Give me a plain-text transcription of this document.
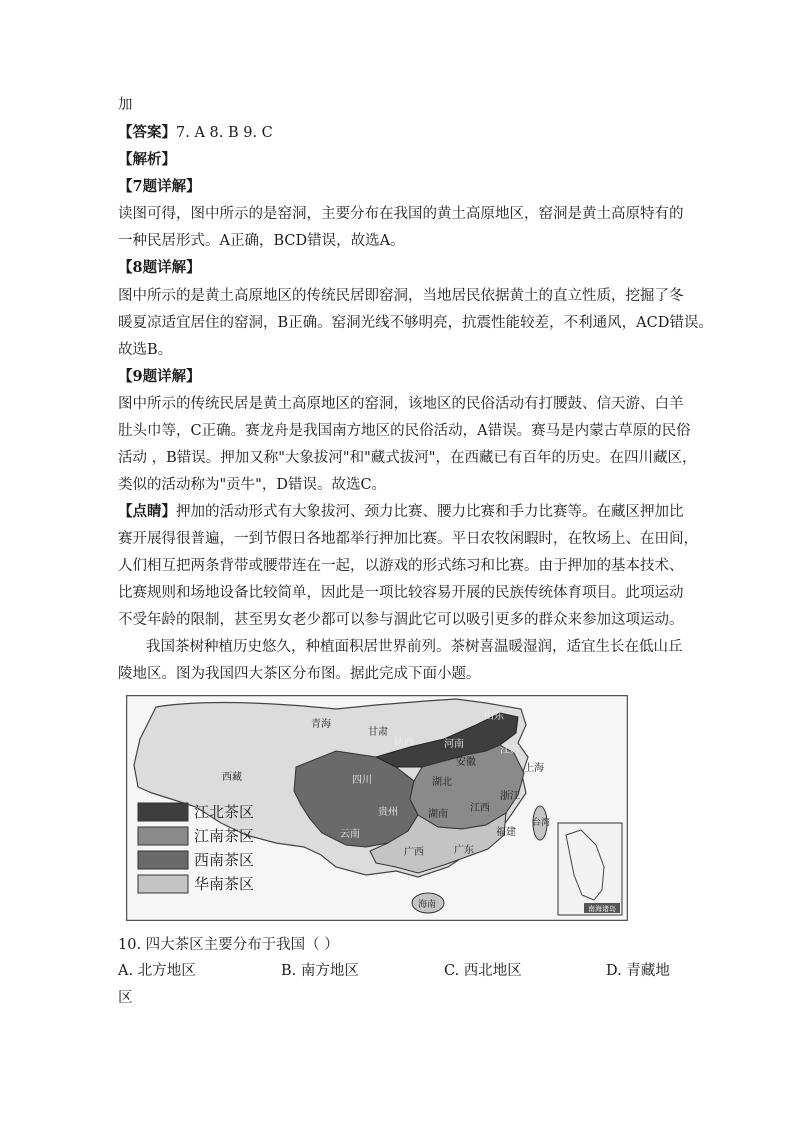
加
【答案】7. A 8. B 9. C
【解析】
【7题详解】
读图可得，图中所示的是窑洞，主要分布在我国的黄土高原地区，窑洞是黄土高原特有的
一种民居形式。A正确，BCD错误，故选A。
【8题详解】
图中所示的是黄土高原地区的传统民居即窑洞，当地居民依据黄土的直立性质，挖掘了冬
暖夏凉适宜居住的窑洞，B正确。窑洞光线不够明亮，抗震性能较差，不利通风，ACD错误。
故选B。
【9题详解】
图中所示的传统民居是黄土高原地区的窑洞，该地区的民俗活动有打腰鼓、信天游、白羊
肚头巾等，C正确。赛龙舟是我国南方地区的民俗活动，A错误。赛马是内蒙古草原的民俗
活动 ，B错误。押加又称"大象拔河"和"藏式拔河"，在西藏已有百年的历史。在四川藏区，
类似的活动称为"贡牛"，D错误。故选C。
【点睛】押加的活动形式有大象拔河、颈力比赛、腰力比赛和手力比赛等。在藏区押加比
赛开展得很普遍，一到节假日各地都举行押加比赛。平日农牧闲暇时，在牧场上、在田间，
人们相互把两条背带或腰带连在一起，以游戏的形式练习和比赛。由于押加的基本技术、
比赛规则和场地设备比较简单，因此是一项比较容易开展的民族传统体育项目。此项运动
不受年龄的限制，甚至男女老少都可以参与涸此它可以吸引更多的群众来参加这项运动。
我国茶树种植历史悠久，种植面积居世界前列。茶树喜温暖湿润，适宜生长在低山丘
陵地区。图为我国四大茶区分布图。据此完成下面小题。
南海诸岛
青海
甘肃
陕西	河南
山东
安徽
江苏
上海
西藏	四川	湖北
浙江
贵州	湖南
江西
云南	福建
广西	广东
台湾
海南
江北茶区
江南茶区
西南茶区
华南茶区
10. 四大茶区主要分布于我国（ ）
A. 北方地区	B. 南方地区	C. 西北地区	D. 青藏地
区
